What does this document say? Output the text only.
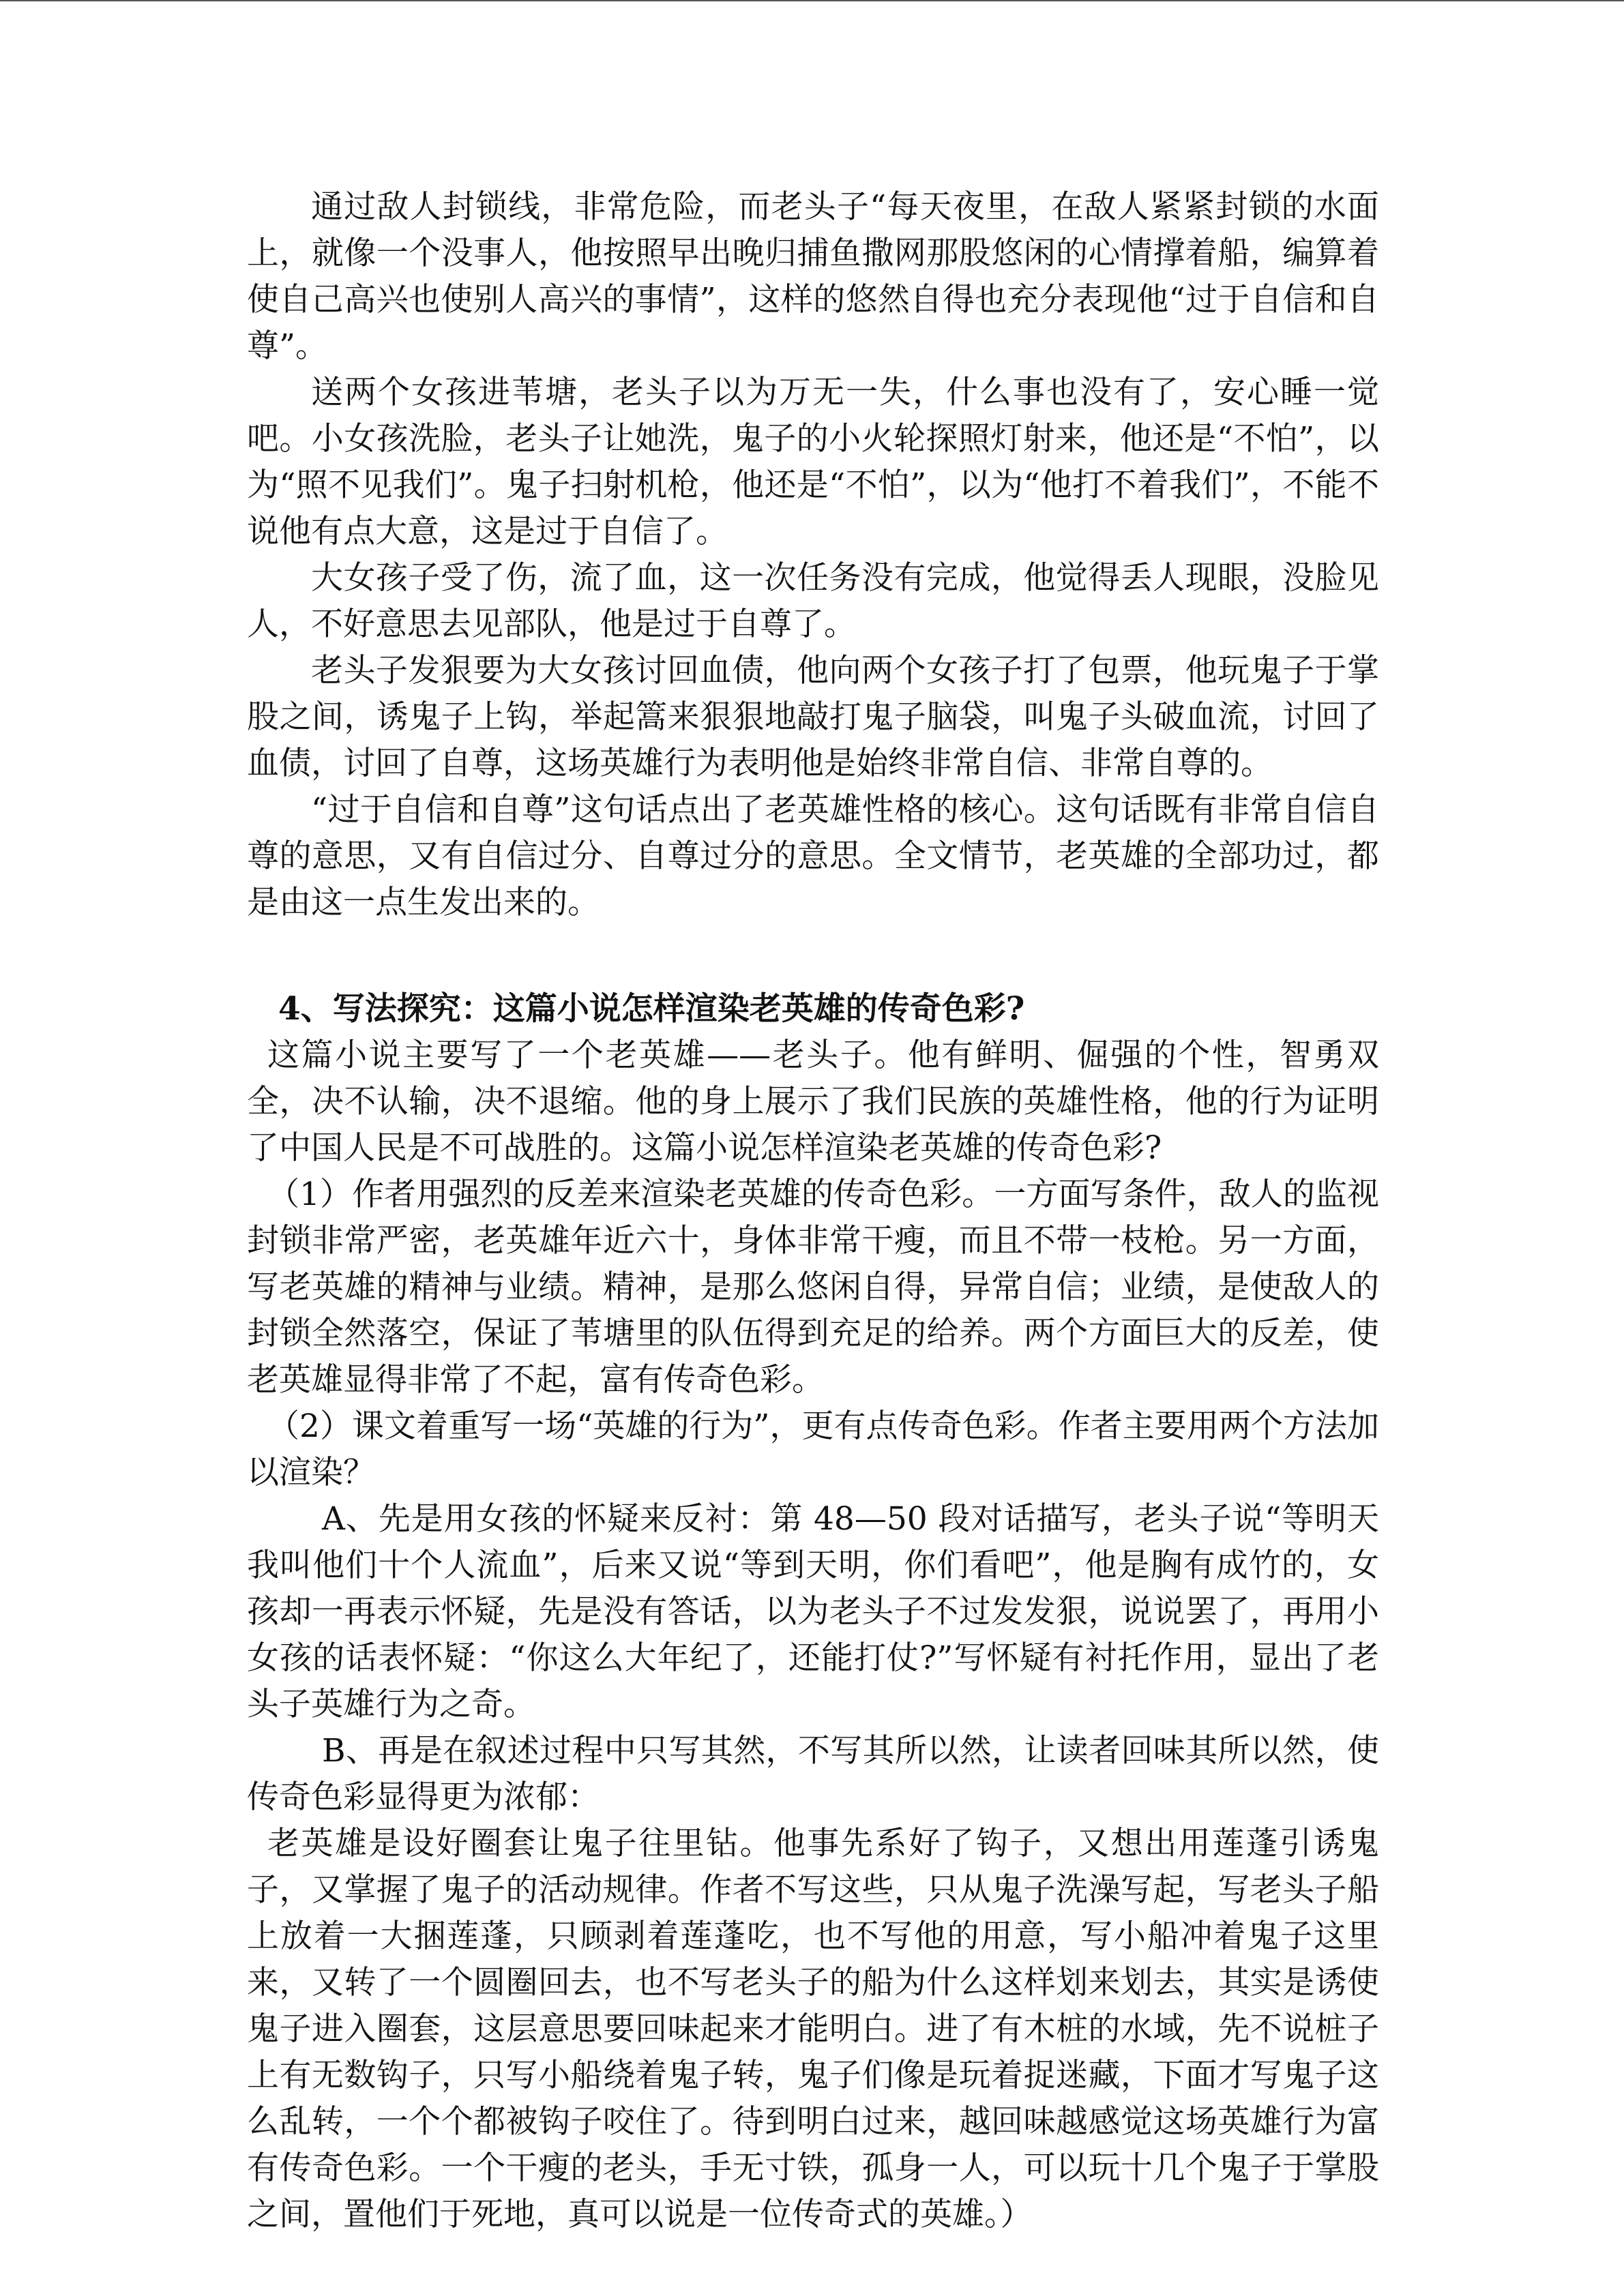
通过敌人封锁线，非常危险，而老头子“每天夜里，在敌人紧紧封锁的水面上，就像一个没事人，他按照早出晚归捕鱼撒网那股悠闲的心情撑着船，编算着使自己高兴也使别人高兴的事情”，这样的悠然自得也充分表现他“过于自信和自尊”。

送两个女孩进苇塘，老头子以为万无一失，什么事也没有了，安心睡一觉吧。小女孩洗脸，老头子让她洗，鬼子的小火轮探照灯射来，他还是“不怕”，以为“照不见我们”。鬼子扫射机枪，他还是“不怕”，以为“他打不着我们”，不能不说他有点大意，这是过于自信了。

大女孩子受了伤，流了血，这一次任务没有完成，他觉得丢人现眼，没脸见人，不好意思去见部队，他是过于自尊了。

老头子发狠要为大女孩讨回血债，他向两个女孩子打了包票，他玩鬼子于掌股之间，诱鬼子上钩，举起篙来狠狠地敲打鬼子脑袋，叫鬼子头破血流，讨回了血债，讨回了自尊，这场英雄行为表明他是始终非常自信、非常自尊的。

“过于自信和自尊”这句话点出了老英雄性格的核心。这句话既有非常自信自尊的意思，又有自信过分、自尊过分的意思。全文情节，老英雄的全部功过，都是由这一点生发出来的。

4、写法探究：这篇小说怎样渲染老英雄的传奇色彩?

这篇小说主要写了一个老英雄——老头子。他有鲜明、倔强的个性，智勇双全，决不认输，决不退缩。他的身上展示了我们民族的英雄性格，他的行为证明了中国人民是不可战胜的。这篇小说怎样渲染老英雄的传奇色彩?

（1）作者用强烈的反差来渲染老英雄的传奇色彩。一方面写条件，敌人的监视封锁非常严密，老英雄年近六十，身体非常干瘦，而且不带一枝枪。另一方面，写老英雄的精神与业绩。精神，是那么悠闲自得，异常自信；业绩，是使敌人的封锁全然落空，保证了苇塘里的队伍得到充足的给养。两个方面巨大的反差，使老英雄显得非常了不起，富有传奇色彩。

（2）课文着重写一场“英雄的行为”，更有点传奇色彩。作者主要用两个方法加以渲染？

A、先是用女孩的怀疑来反衬：第 48—50 段对话描写，老头子说“等明天我叫他们十个人流血”，后来又说“等到天明，你们看吧”，他是胸有成竹的，女孩却一再表示怀疑，先是没有答话，以为老头子不过发发狠，说说罢了，再用小女孩的话表怀疑：“你这么大年纪了，还能打仗?”写怀疑有衬托作用，显出了老头子英雄行为之奇。

B、再是在叙述过程中只写其然，不写其所以然，让读者回味其所以然，使传奇色彩显得更为浓郁：

老英雄是设好圈套让鬼子往里钻。他事先系好了钩子，又想出用莲蓬引诱鬼子，又掌握了鬼子的活动规律。作者不写这些，只从鬼子洗澡写起，写老头子船上放着一大捆莲蓬，只顾剥着莲蓬吃，也不写他的用意，写小船冲着鬼子这里来，又转了一个圆圈回去，也不写老头子的船为什么这样划来划去，其实是诱使鬼子进入圈套，这层意思要回味起来才能明白。进了有木桩的水域，先不说桩子上有无数钩子，只写小船绕着鬼子转，鬼子们像是玩着捉迷藏，下面才写鬼子这么乱转，一个个都被钩子咬住了。待到明白过来，越回味越感觉这场英雄行为富有传奇色彩。一个干瘦的老头，手无寸铁，孤身一人，可以玩十几个鬼子于掌股之间，置他们于死地，真可以说是一位传奇式的英雄。）
